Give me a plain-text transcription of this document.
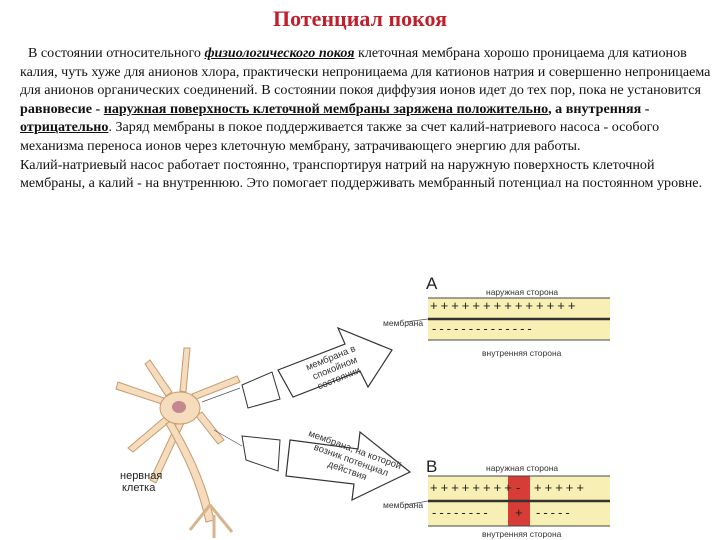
Потенциал покоя

В состоянии относительного физиологического покоя клеточная мембрана хорошо проницаема для катионов калия, чуть хуже для анионов хлора, практически непроницаема для катионов натрия и совершенно непроницаема для анионов органических соединений. В состоянии покоя диффузия ионов идет до тех пор, пока не установится равновесие - наружная поверхность клеточной мембраны заряжена положительно, а внутренняя - отрицательно. Заряд мембраны в покое поддерживается также за счет калий-натриевого насоса - особого механизма переноса ионов через клеточную мембрану, затрачивающего энергию для работы.

Калий-натриевый насос работает постоянно, транспортируя натрий на наружную поверхность клеточной мембраны, а калий - на внутреннюю. Это помогает поддерживать мембранный потенциал на постоянном уровне.

A	наружная сторона
+ + + + + + + + + + + + + +
- - - - - - - - - - - - - -
мембрана
внутренняя сторона
B	наружная сторона
+ + + + + + + + - + + + + +
- - - - - - - - + - - - - -
мембрана
внутренняя сторона
нервная
клетка
мембрана в спокойном состоянии
мембрана, на которой возник потенциал действия
